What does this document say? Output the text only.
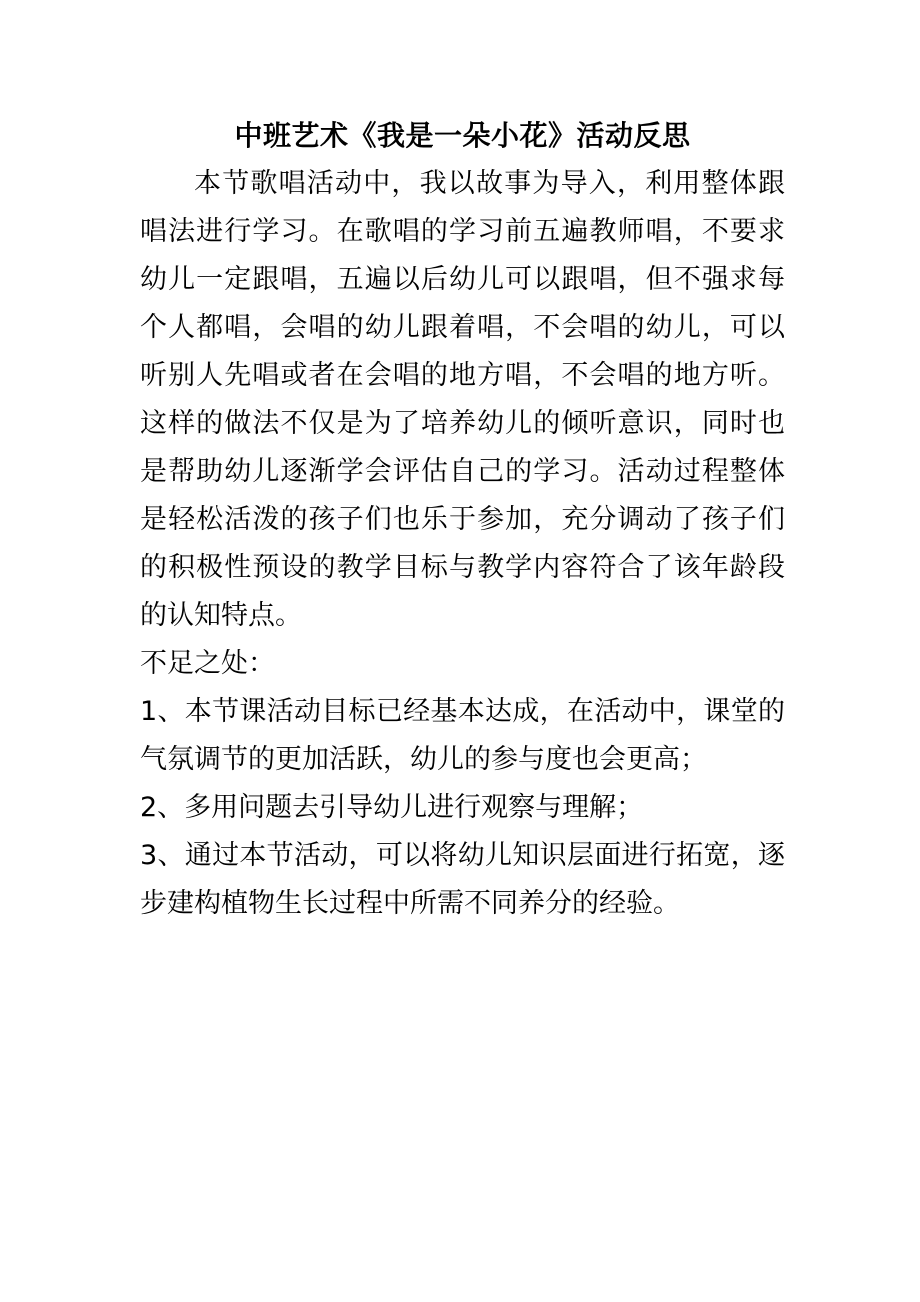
中班艺术《我是一朵小花》活动反思

本节歌唱活动中，我以故事为导入，利用整体跟唱法进行学习。在歌唱的学习前五遍教师唱，不要求幼儿一定跟唱，五遍以后幼儿可以跟唱，但不强求每个人都唱，会唱的幼儿跟着唱，不会唱的幼儿，可以听别人先唱或者在会唱的地方唱，不会唱的地方听。这样的做法不仅是为了培养幼儿的倾听意识，同时也是帮助幼儿逐渐学会评估自己的学习。活动过程整体是轻松活泼的孩子们也乐于参加，充分调动了孩子们的积极性预设的教学目标与教学内容符合了该年龄段的认知特点。

不足之处：

1、本节课活动目标已经基本达成，在活动中，课堂的气氛调节的更加活跃，幼儿的参与度也会更高；

2、多用问题去引导幼儿进行观察与理解；

3、通过本节活动，可以将幼儿知识层面进行拓宽，逐步建构植物生长过程中所需不同养分的经验。
